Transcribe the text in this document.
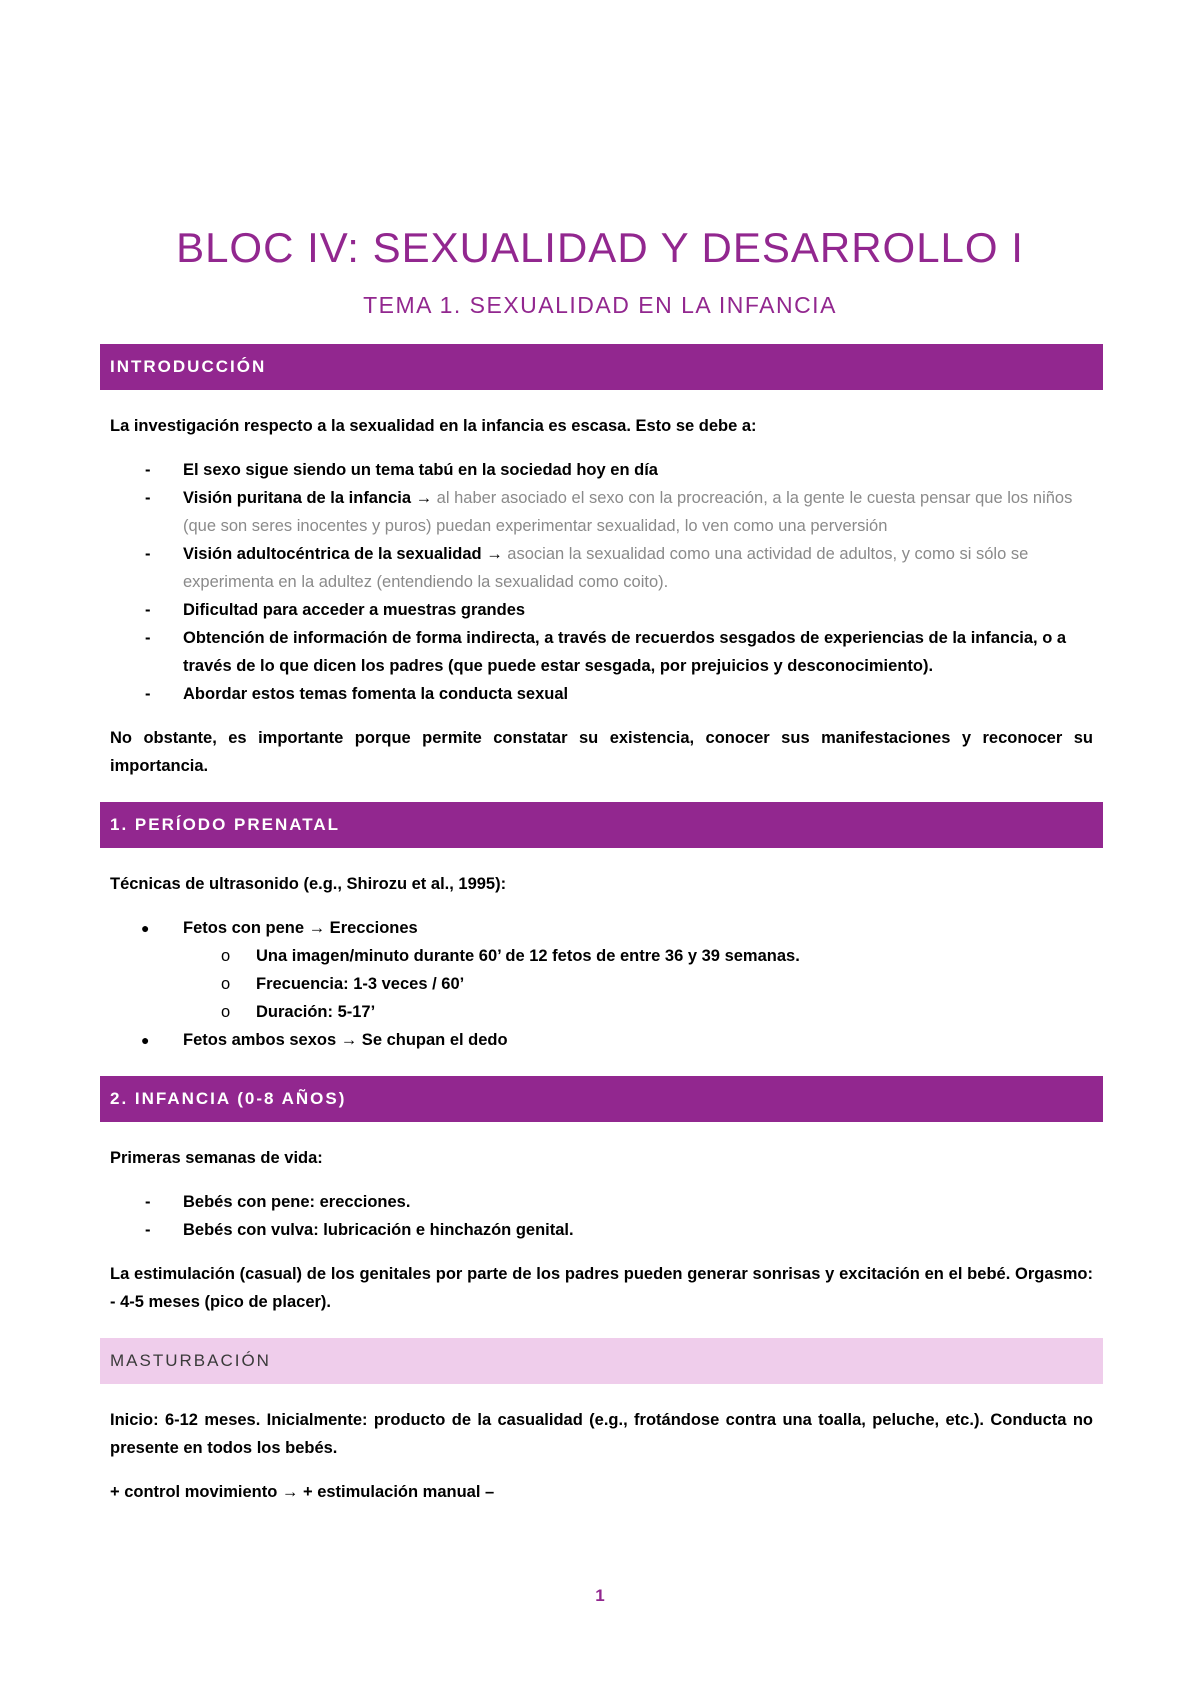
BLOC IV: SEXUALIDAD Y DESARROLLO I
TEMA 1. SEXUALIDAD EN LA INFANCIA
INTRODUCCIÓN

La investigación respecto a la sexualidad en la infancia es escasa. Esto se debe a:

- El sexo sigue siendo un tema tabú en la sociedad hoy en día
- Visión puritana de la infancia → al haber asociado el sexo con la procreación, a la gente le cuesta pensar que los niños (que son seres inocentes y puros) puedan experimentar sexualidad, lo ven como una perversión
- Visión adultocéntrica de la sexualidad → asocian la sexualidad como una actividad de adultos, y como si sólo se experimenta en la adultez (entendiendo la sexualidad como coito).
- Dificultad para acceder a muestras grandes
- Obtención de información de forma indirecta, a través de recuerdos sesgados de experiencias de la infancia, o a través de lo que dicen los padres (que puede estar sesgada, por prejuicios y desconocimiento).
- Abordar estos temas fomenta la conducta sexual

No obstante, es importante porque permite constatar su existencia, conocer sus manifestaciones y reconocer su importancia.

1. PERÍODO PRENATAL

Técnicas de ultrasonido (e.g., Shirozu et al., 1995):

● Fetos con pene → Erecciones
o Una imagen/minuto durante 60’ de 12 fetos de entre 36 y 39 semanas.
o Frecuencia: 1-3 veces / 60’
o Duración: 5-17’
● Fetos ambos sexos → Se chupan el dedo
2. INFANCIA (0-8 AÑOS)

Primeras semanas de vida:

- Bebés con pene: erecciones.
- Bebés con vulva: lubricación e hinchazón genital.

La estimulación (casual) de los genitales por parte de los padres pueden generar sonrisas y excitación en el bebé. Orgasmo: - 4-5 meses (pico de placer).

MASTURBACIÓN

Inicio: 6-12 meses. Inicialmente: producto de la casualidad (e.g., frotándose contra una toalla, peluche, etc.). Conducta no presente en todos los bebés.

+ control movimiento → + estimulación manual –

1
